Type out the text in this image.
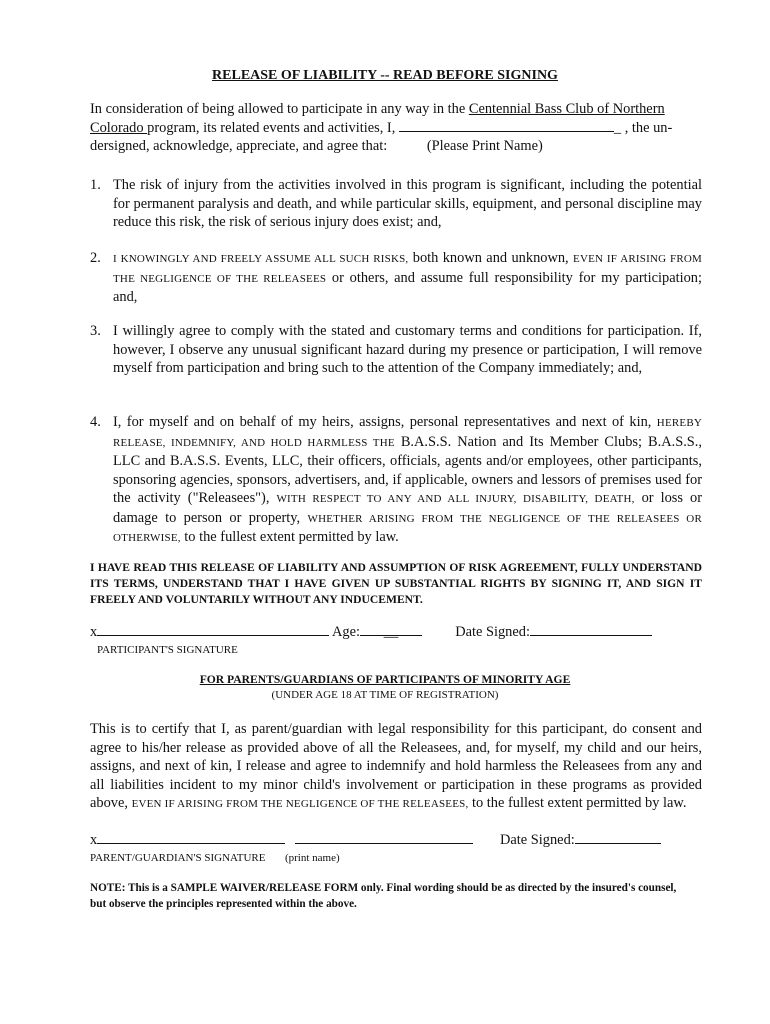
RELEASE OF LIABILITY -- READ BEFORE SIGNING
In consideration of being allowed to participate in any way in the Centennial Bass Club of Northern
Colorado program, its related events and activities, I,	_ , the un-
dersigned, acknowledge, appreciate, and agree that:	(Please Print Name)
1. The risk of injury from the activities involved in this program is significant, including the potential for permanent paralysis and death, and while particular skills, equipment, and personal discipline may reduce this risk, the risk of serious injury does exist; and,
2. I KNOWINGLY AND FREELY ASSUME ALL SUCH RISKS, both known and unknown, EVEN IF ARISING FROM THE NEGLIGENCE OF THE RELEASEES or others, and assume full responsibility for my participation; and,
3. I willingly agree to comply with the stated and customary terms and conditions for participation. If, however, I observe any unusual significant hazard during my presence or participation, I will remove myself from participation and bring such to the attention of the Company immediately; and,
4. I, for myself and on behalf of my heirs, assigns, personal representatives and next of kin, HEREBY RELEASE, INDEMNIFY, AND HOLD HARMLESS THE B.A.S.S. Nation and Its Member Clubs; B.A.S.S., LLC and B.A.S.S. Events, LLC, their officers, officials, agents and/or employees, other participants, sponsoring agencies, sponsors, advertisers, and, if applicable, owners and lessors of premises used for the activity ("Releasees"), WITH RESPECT TO ANY AND ALL INJURY, DISABILITY, DEATH, or loss or damage to person or property, WHETHER ARISING FROM THE NEGLIGENCE OF THE RELEASEES OR OTHERWISE, to the fullest extent permitted by law.
I HAVE READ THIS RELEASE OF LIABILITY AND ASSUMPTION OF RISK AGREEMENT, FULLY UNDERSTAND ITS TERMS, UNDERSTAND THAT I HAVE GIVEN UP SUBSTANTIAL RIGHTS BY SIGNING IT, AND SIGN IT FREELY AND VOLUNTARILY WITHOUT ANY INDUCEMENT.
x	Age: __	Date Signed:
PARTICIPANT'S SIGNATURE
FOR PARENTS/GUARDIANS OF PARTICIPANTS OF MINORITY AGE
(UNDER AGE 18 AT TIME OF REGISTRATION)
This is to certify that I, as parent/guardian with legal responsibility for this participant, do consent and agree to his/her release as provided above of all the Releasees, and, for myself, my child and our heirs, assigns, and next of kin, I release and agree to indemnify and hold harmless the Releasees from any and all liabilities incident to my minor child's involvement or participation in these programs as provided above, EVEN IF ARISING FROM THE NEGLIGENCE OF THE RELEASEES, to the fullest extent permitted by law.
x	Date Signed:
PARENT/GUARDIAN'S SIGNATURE (print name)
NOTE: This is a SAMPLE WAIVER/RELEASE FORM only. Final wording should be as directed by the insured's counsel, but observe the principles represented within the above.
